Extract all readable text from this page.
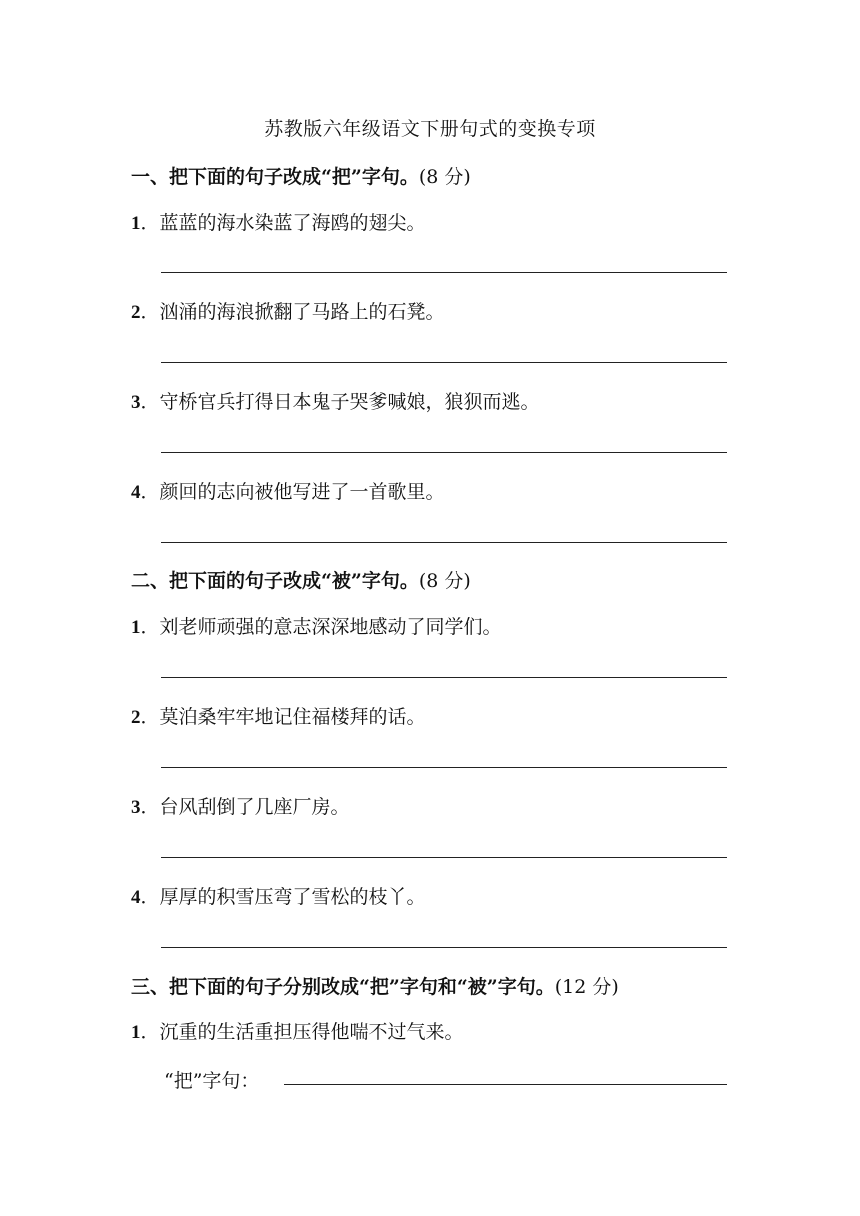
苏教版六年级语文下册句式的变换专项
一、把下面的句子改成“把”字句。(8 分)
1．蓝蓝的海水染蓝了海鸥的翅尖。
2．汹涌的海浪掀翻了马路上的石凳。
3．守桥官兵打得日本鬼子哭爹喊娘，狼狈而逃。
4．颜回的志向被他写进了一首歌里。
二、把下面的句子改成“被”字句。(8 分)
1．刘老师顽强的意志深深地感动了同学们。
2．莫泊桑牢牢地记住福楼拜的话。
3．台风刮倒了几座厂房。
4．厚厚的积雪压弯了雪松的枝丫。
三、把下面的句子分别改成“把”字句和“被”字句。(12 分)
1．沉重的生活重担压得他喘不过气来。
“把”字句：
